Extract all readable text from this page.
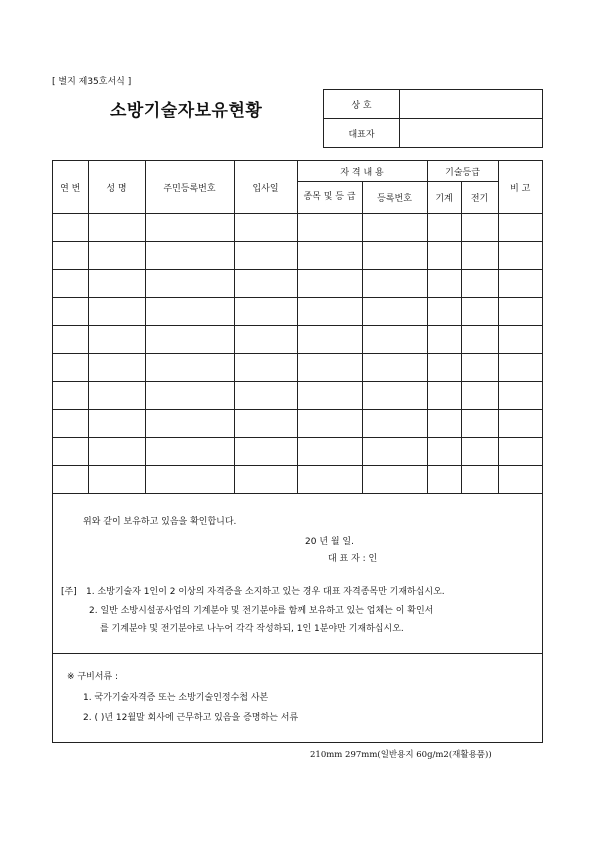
[ 별지 제35호서식 ]
소방기술자보유현황	상 호	
대표자	
연 번	성 명	주민등록번호	입사일	자 격 내 용		기술등급		비 고
				종목 및 등 급	등록번호	기계	전기	

위와 같이 보유하고 있음을 확인합니다.
20 년 월 일.
대 표 자 : 인
[주] 1. 소방기술자 1인이 2 이상의 자격증을 소지하고 있는 경우 대표 자격종목만 기재하십시오.
2. 일반 소방시설공사업의 기계분야 및 전기분야를 함께 보유하고 있는 업체는 이 확인서
를 기계분야 및 전기분야로 나누어 각각 작성하되, 1인 1분야만 기재하십시오.
※ 구비서류 :
1. 국가기술자격증 또는 소방기술인정수첩 사본
2. ( )년 12월말 회사에 근무하고 있음을 증명하는 서류
210mm 297mm(일반용지 60g/m2(재활용품))
